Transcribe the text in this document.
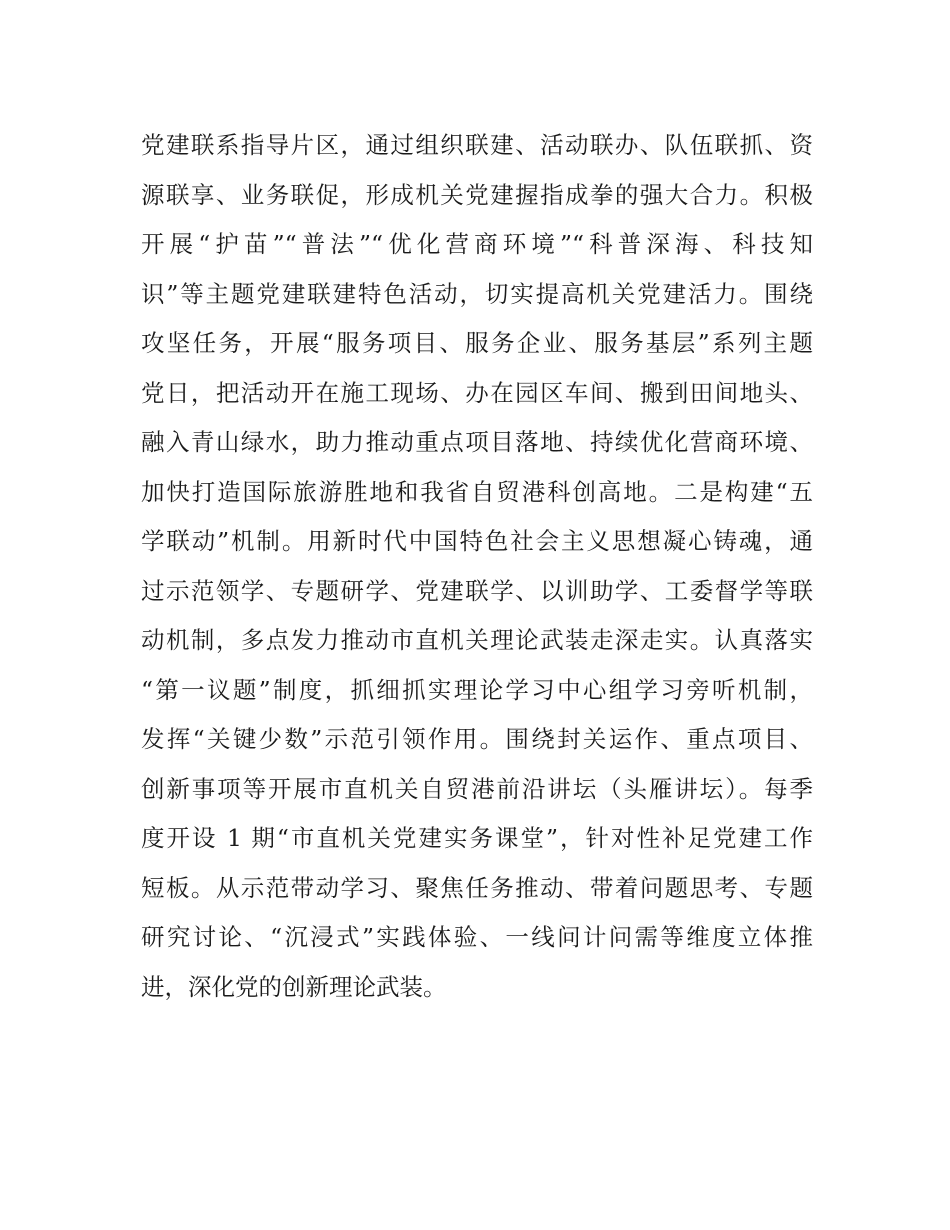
党建联系指导片区，通过组织联建、活动联办、队伍联抓、资
源联享、业务联促，形成机关党建握指成拳的强大合力。积极
开展“护苗”“普法”“优化营商环境”“科普深海、科技知
识”等主题党建联建特色活动，切实提高机关党建活力。围绕
攻坚任务，开展“服务项目、服务企业、服务基层”系列主题
党日，把活动开在施工现场、办在园区车间、搬到田间地头、
融入青山绿水，助力推动重点项目落地、持续优化营商环境、
加快打造国际旅游胜地和我省自贸港科创高地。二是构建“五
学联动”机制。用新时代中国特色社会主义思想凝心铸魂，通
过示范领学、专题研学、党建联学、以训助学、工委督学等联
动机制，多点发力推动市直机关理论武装走深走实。认真落实
“第一议题”制度，抓细抓实理论学习中心组学习旁听机制，
发挥“关键少数”示范引领作用。围绕封关运作、重点项目、
创新事项等开展市直机关自贸港前沿讲坛（头雁讲坛）。每季
度开设 1 期“市直机关党建实务课堂”，针对性补足党建工作
短板。从示范带动学习、聚焦任务推动、带着问题思考、专题
研究讨论、“沉浸式”实践体验、一线问计问需等维度立体推
进，深化党的创新理论武装。
